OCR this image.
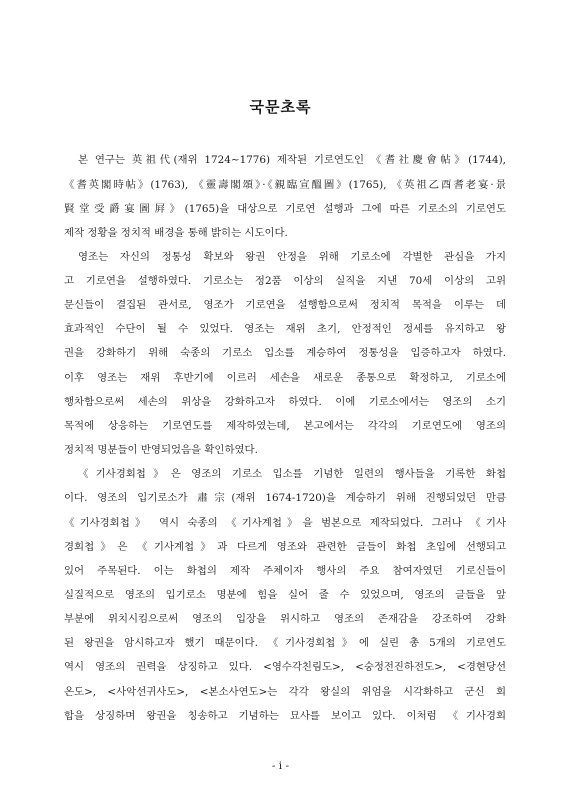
국문초록
본 연구는 英祖代(재위 1724∼1776) 제작된 기로연도인 《耆社慶會帖》(1744),
《耆英閣時帖》(1763), 《靈壽閣頌》·《親臨宣醞圖》(1765), 《英祖乙酉耆老宴·景
賢堂受爵宴圖屛》(1765)을 대상으로 기로연 설행과 그에 따른 기로소의 기로연도
제작 정황을 정치적 배경을 통해 밝히는 시도이다.
영조는 자신의 정통성 확보와 왕권 안정을 위해 기로소에 각별한 관심을 가지
고 기로연을 설행하였다. 기로소는 정2품 이상의 실직을 지낸 70세 이상의 고위
문신들이 결집된 관서로, 영조가 기로연을 설행함으로써 정치적 목적을 이루는 데
효과적인 수단이 될 수 있었다. 영조는 재위 초기, 안정적인 정세를 유지하고 왕
권을 강화하기 위해 숙종의 기로소 입소를 계승하여 정통성을 입증하고자 하였다.
이후 영조는 재위 후반기에 이르러 세손을 새로운 종통으로 확정하고, 기로소에
행차함으로써 세손의 위상을 강화하고자 하였다. 이에 기로소에서는 영조의 소기
목적에 상응하는 기로연도를 제작하였는데, 본고에서는 각각의 기로연도에 영조의
정치적 명분들이 반영되었음을 확인하였다.
《기사경회첩》은 영조의 기로소 입소를 기념한 일련의 행사들을 기록한 화첩
이다. 영조의 입기로소가 肅宗(재위 1674-1720)을 계승하기 위해 진행되었던 만큼
《기사경회첩》 역시 숙종의 《기사계첩》을 범본으로 제작되었다. 그러나 《기사
경회첩》은 《기사계첩》과 다르게 영조와 관련한 글들이 화첩 초입에 선행되고
있어 주목된다. 이는 화첩의 제작 주체이자 행사의 주요 참여자였던 기로신들이
실질적으로 영조의 입기로소 명분에 힘을 실어 줄 수 있었으며, 영조의 글들을 앞
부분에 위치시킴으로써 영조의 입장을 위시하고 영조의 존재감을 강조하여 강화
된 왕권을 암시하고자 했기 때문이다. 《기사경회첩》에 실린 총 5개의 기로연도
역시 영조의 권력을 상징하고 있다. <영수각친림도>, <숭정전진하전도>, <경현당선
온도>, <사악선귀사도>, <본소사연도>는 각각 왕실의 위엄을 시각화하고 군신 회
합을 상징하며 왕권을 칭송하고 기념하는 묘사를 보이고 있다. 이처럼 《기사경회
- i -
